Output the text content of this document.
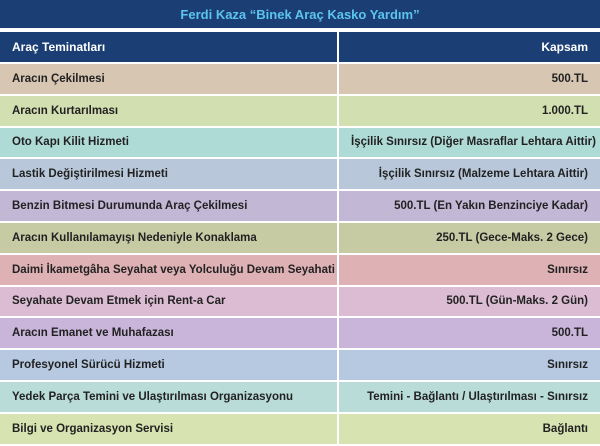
Ferdi Kaza “Binek Araç Kasko Yardım”
Araç Teminatları	Kapsam
Aracın Çekilmesi	500.TL
Aracın Kurtarılması	1.000.TL
Oto Kapı Kilit Hizmeti	İşçilik Sınırsız (Diğer Masraflar Lehtara Aittir)
Lastik Değiştirilmesi Hizmeti	İşçilik Sınırsız (Malzeme Lehtara Aittir)
Benzin Bitmesi Durumunda Araç Çekilmesi	500.TL (En Yakın Benzinciye Kadar)
Aracın Kullanılamayışı Nedeniyle Konaklama	250.TL (Gece-Maks. 2 Gece)
Daimi İkametgâha Seyahat veya Yolculuğu Devam Seyahati	Sınırsız
Seyahate Devam Etmek için Rent-a Car	500.TL (Gün-Maks. 2 Gün)
Aracın Emanet ve Muhafazası	500.TL
Profesyonel Sürücü Hizmeti	Sınırsız
Yedek Parça Temini ve Ulaştırılması Organizasyonu	Temini - Bağlantı / Ulaştırılması - Sınırsız
Bilgi ve Organizasyon Servisi	Bağlantı
